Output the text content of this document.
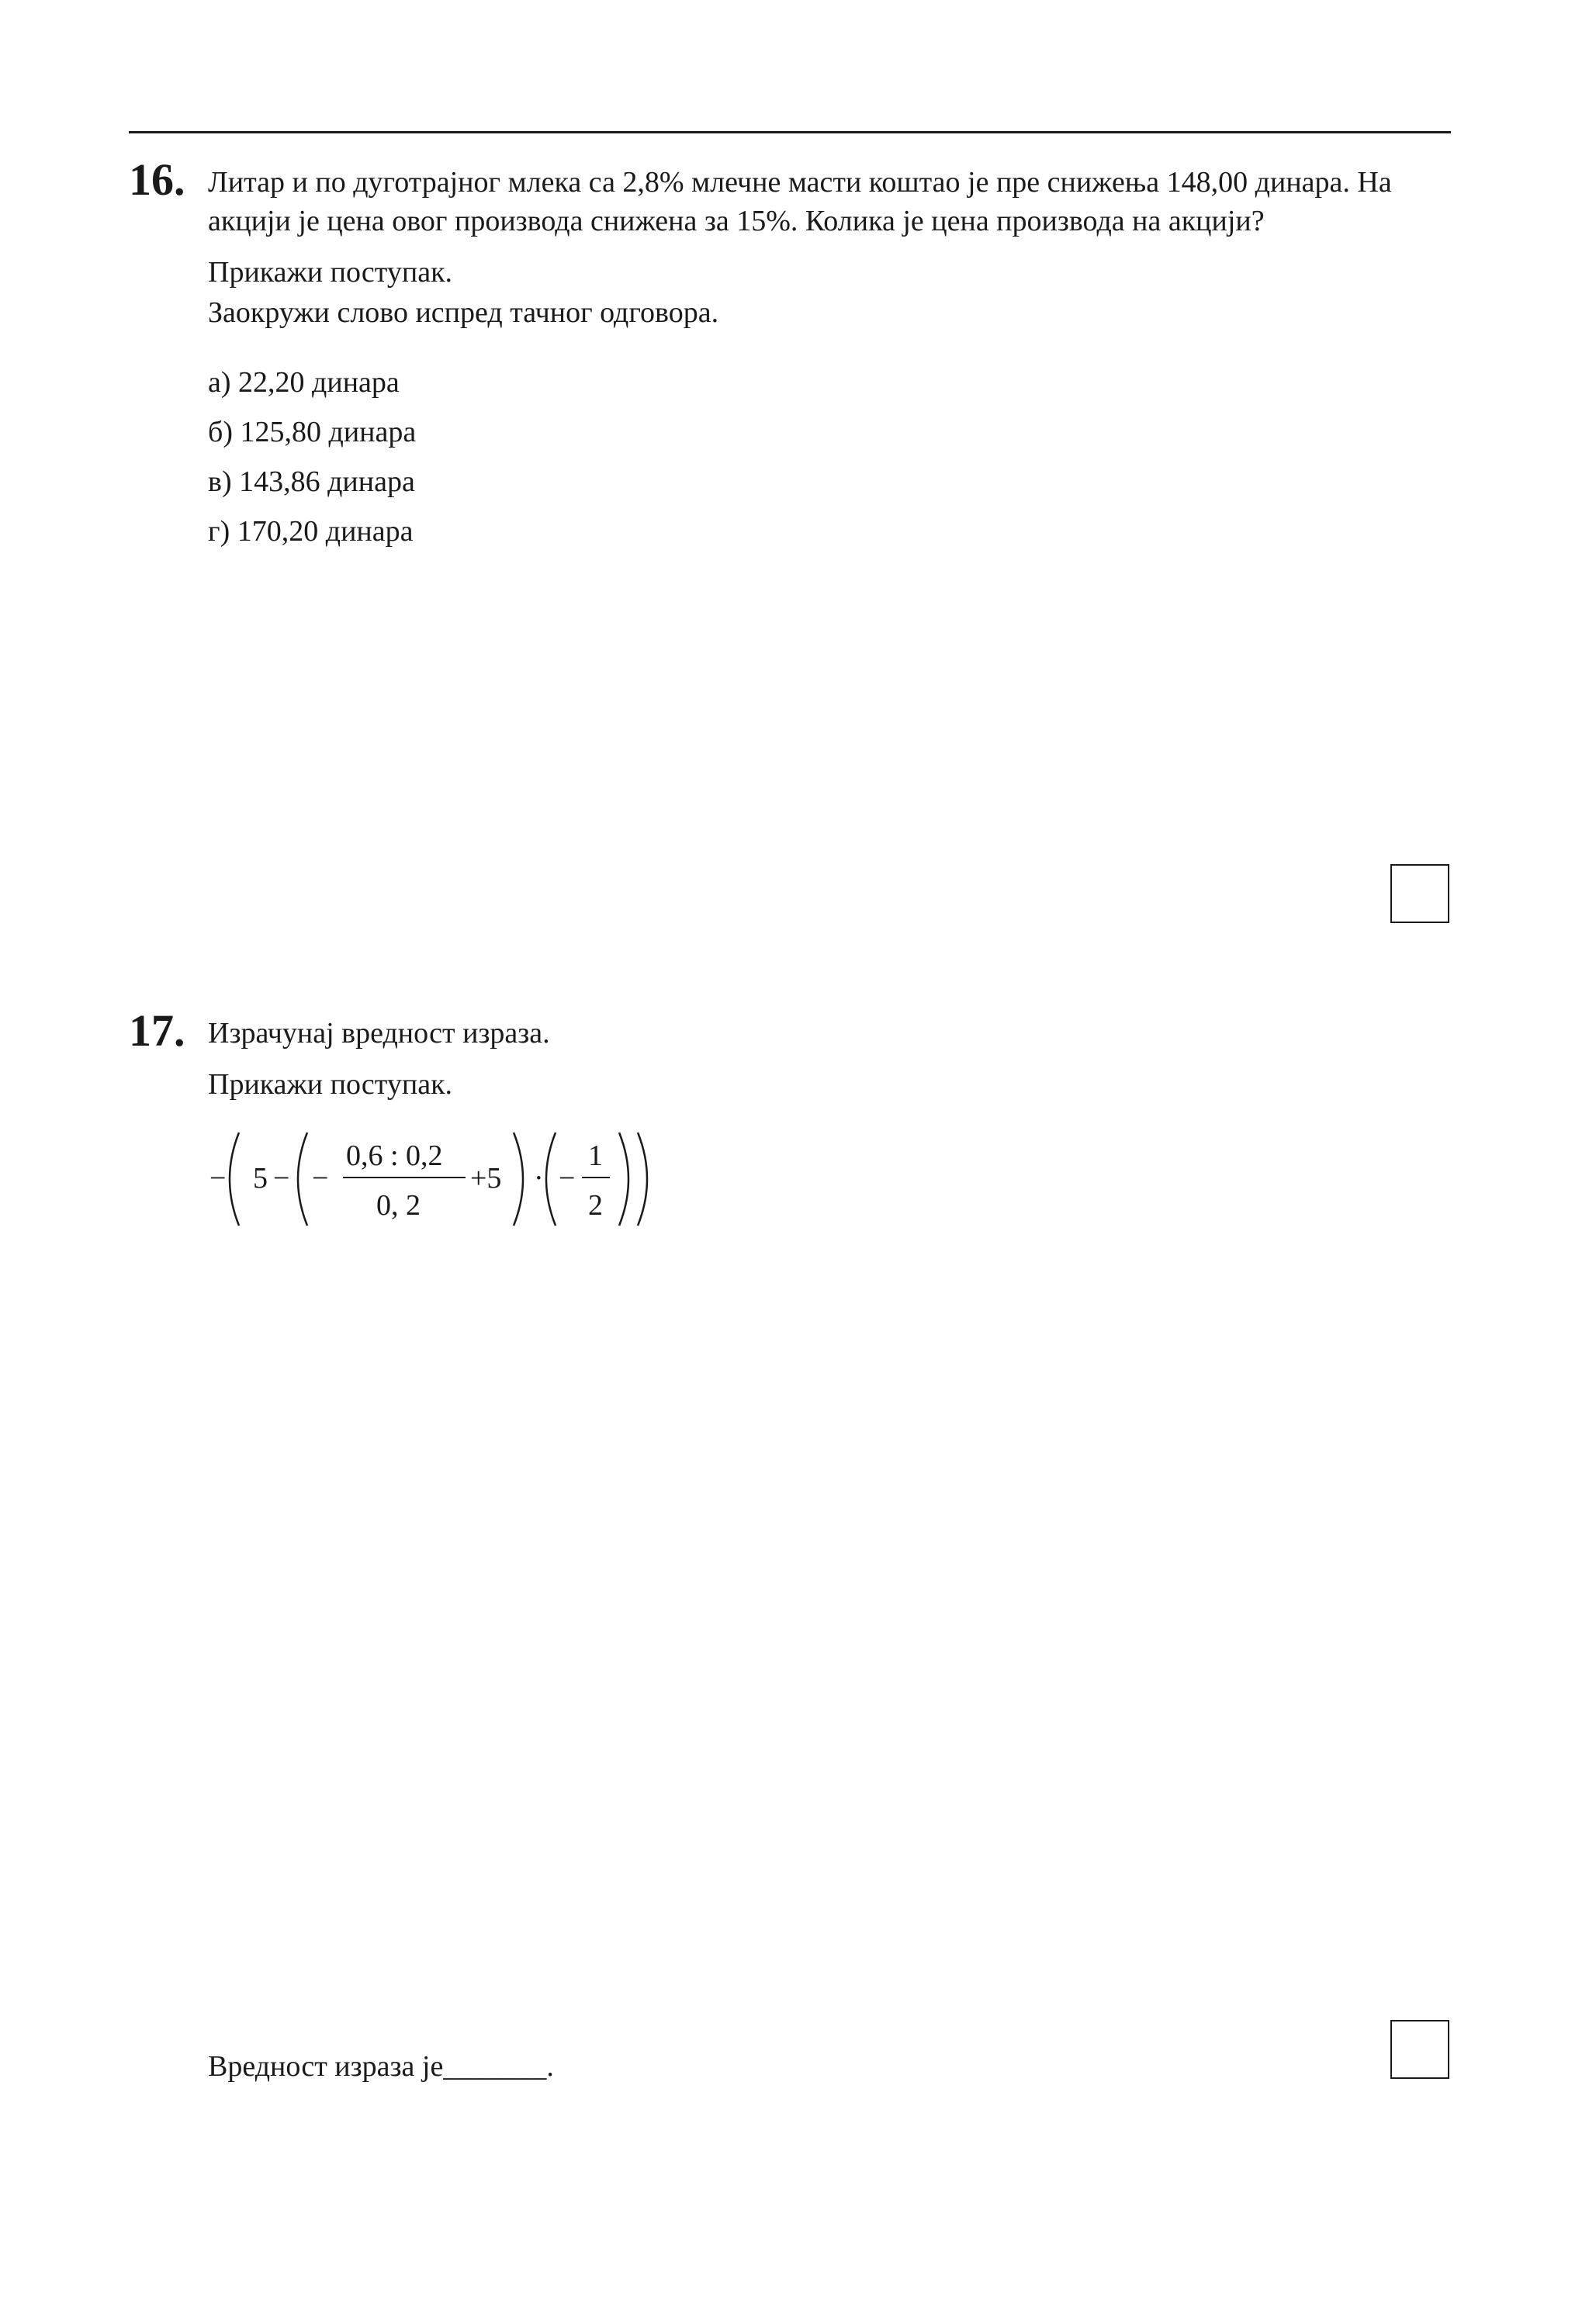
16. Литар и по дуготрајног млека са 2,8% млечне масти коштао је пре снижења 148,00 динара. На
акцији је цена овог производа снижена за 15%. Колика је цена производа на акцији?
Прикажи поступак.
Заокружи слово испред тачног одговора.
а) 22,20 динара
б) 125,80 динара
в) 143,86 динара
г) 170,20 динара
17. Израчунај вредност израза.
Прикажи поступак.
− 5 − −
0,6 : 0,2
0, 2
+5 · −
1
2
Вредност израза је_______.
